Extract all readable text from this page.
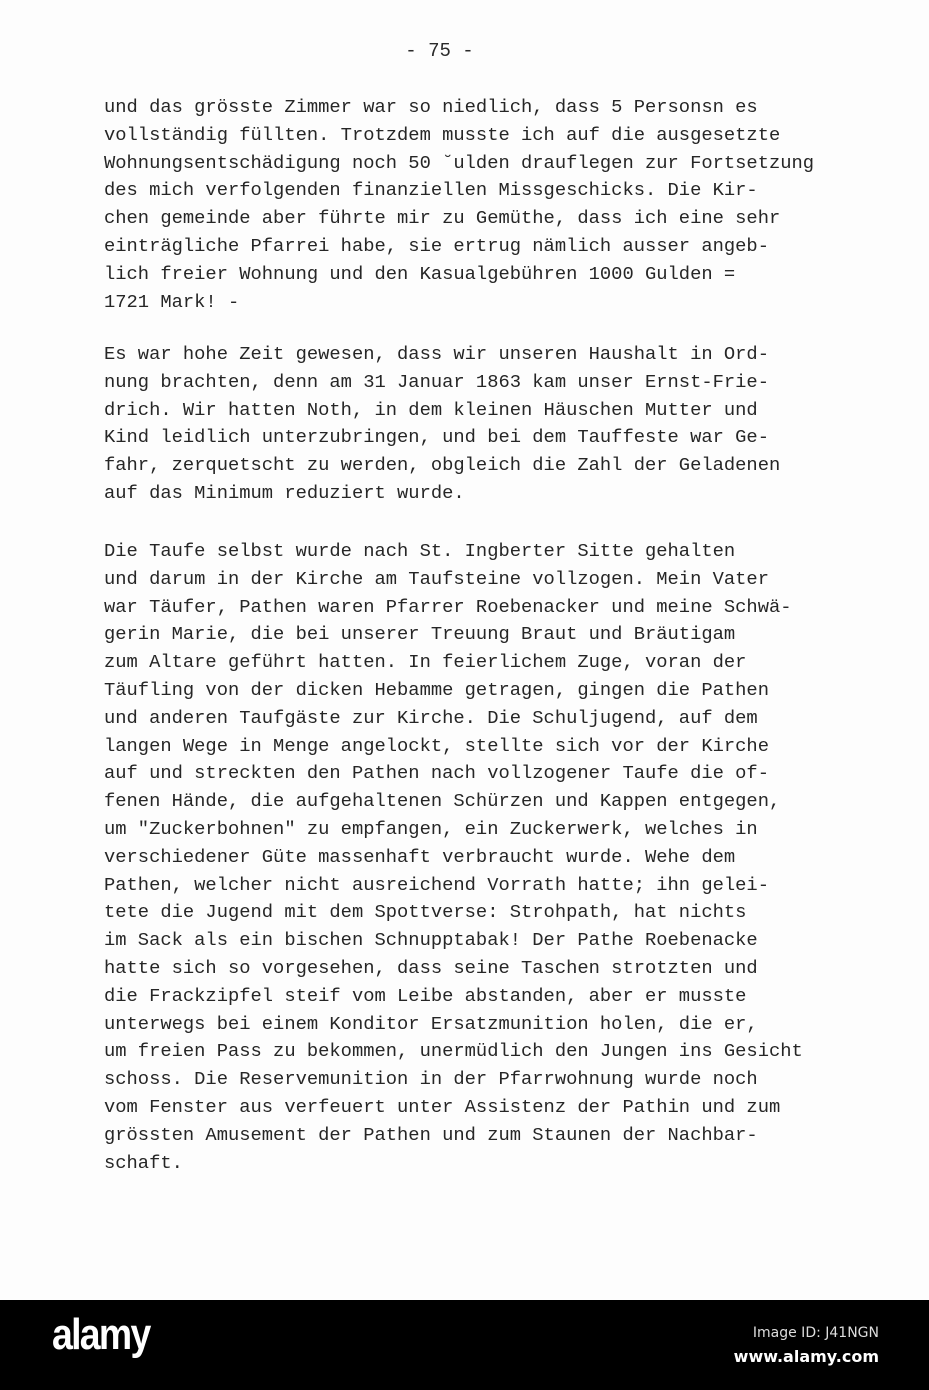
- 75 -
und das grösste Zimmer war so niedlich, dass 5 Personsn es
vollständig füllten. Trotzdem musste ich auf die ausgesetzte
Wohnungsentschädigung noch 50 ˘ulden drauflegen zur Fortsetzung
des mich verfolgenden finanziellen Missgeschicks. Die Kir-
chen gemeinde aber führte mir zu Gemüthe, dass ich eine sehr
einträgliche Pfarrei habe, sie ertrug nämlich ausser angeb-
lich freier Wohnung und den Kasualgebühren 1000 Gulden =
1721 Mark! -
Es war hohe Zeit gewesen, dass wir unseren Haushalt in Ord-
nung brachten, denn am 31 Januar 1863 kam unser Ernst-Frie-
drich. Wir hatten Noth, in dem kleinen Häuschen Mutter und
Kind leidlich unterzubringen, und bei dem Tauffeste war Ge-
fahr, zerquetscht zu werden, obgleich die Zahl der Geladenen
auf das Minimum reduziert wurde.
Die Taufe selbst wurde nach St. Ingberter Sitte gehalten
und darum in der Kirche am Taufsteine vollzogen. Mein Vater
war Täufer, Pathen waren Pfarrer Roebenacker und meine Schwä-
gerin Marie, die bei unserer Treuung Braut und Bräutigam
zum Altare geführt hatten. In feierlichem Zuge, voran der
Täufling von der dicken Hebamme getragen, gingen die Pathen
und anderen Taufgäste zur Kirche. Die Schuljugend, auf dem
langen Wege in Menge angelockt, stellte sich vor der Kirche
auf und streckten den Pathen nach vollzogener Taufe die of-
fenen Hände, die aufgehaltenen Schürzen und Kappen entgegen,
um "Zuckerbohnen" zu empfangen, ein Zuckerwerk, welches in
verschiedener Güte massenhaft verbraucht wurde. Wehe dem
Pathen, welcher nicht ausreichend Vorrath hatte; ihn gelei-
tete die Jugend mit dem Spottverse: Strohpath, hat nichts
im Sack als ein bischen Schnupptabak! Der Pathe Roebenacke
hatte sich so vorgesehen, dass seine Taschen strotzten und
die Frackzipfel steif vom Leibe abstanden, aber er musste
unterwegs bei einem Konditor Ersatzmunition holen, die er,
um freien Pass zu bekommen, unermüdlich den Jungen ins Gesicht
schoss. Die Reservemunition in der Pfarrwohnung wurde noch
vom Fenster aus verfeuert unter Assistenz der Pathin und zum
grössten Amusement der Pathen und zum Staunen der Nachbar-
schaft.
alamy	Image ID: J41NGN
www.alamy.com
